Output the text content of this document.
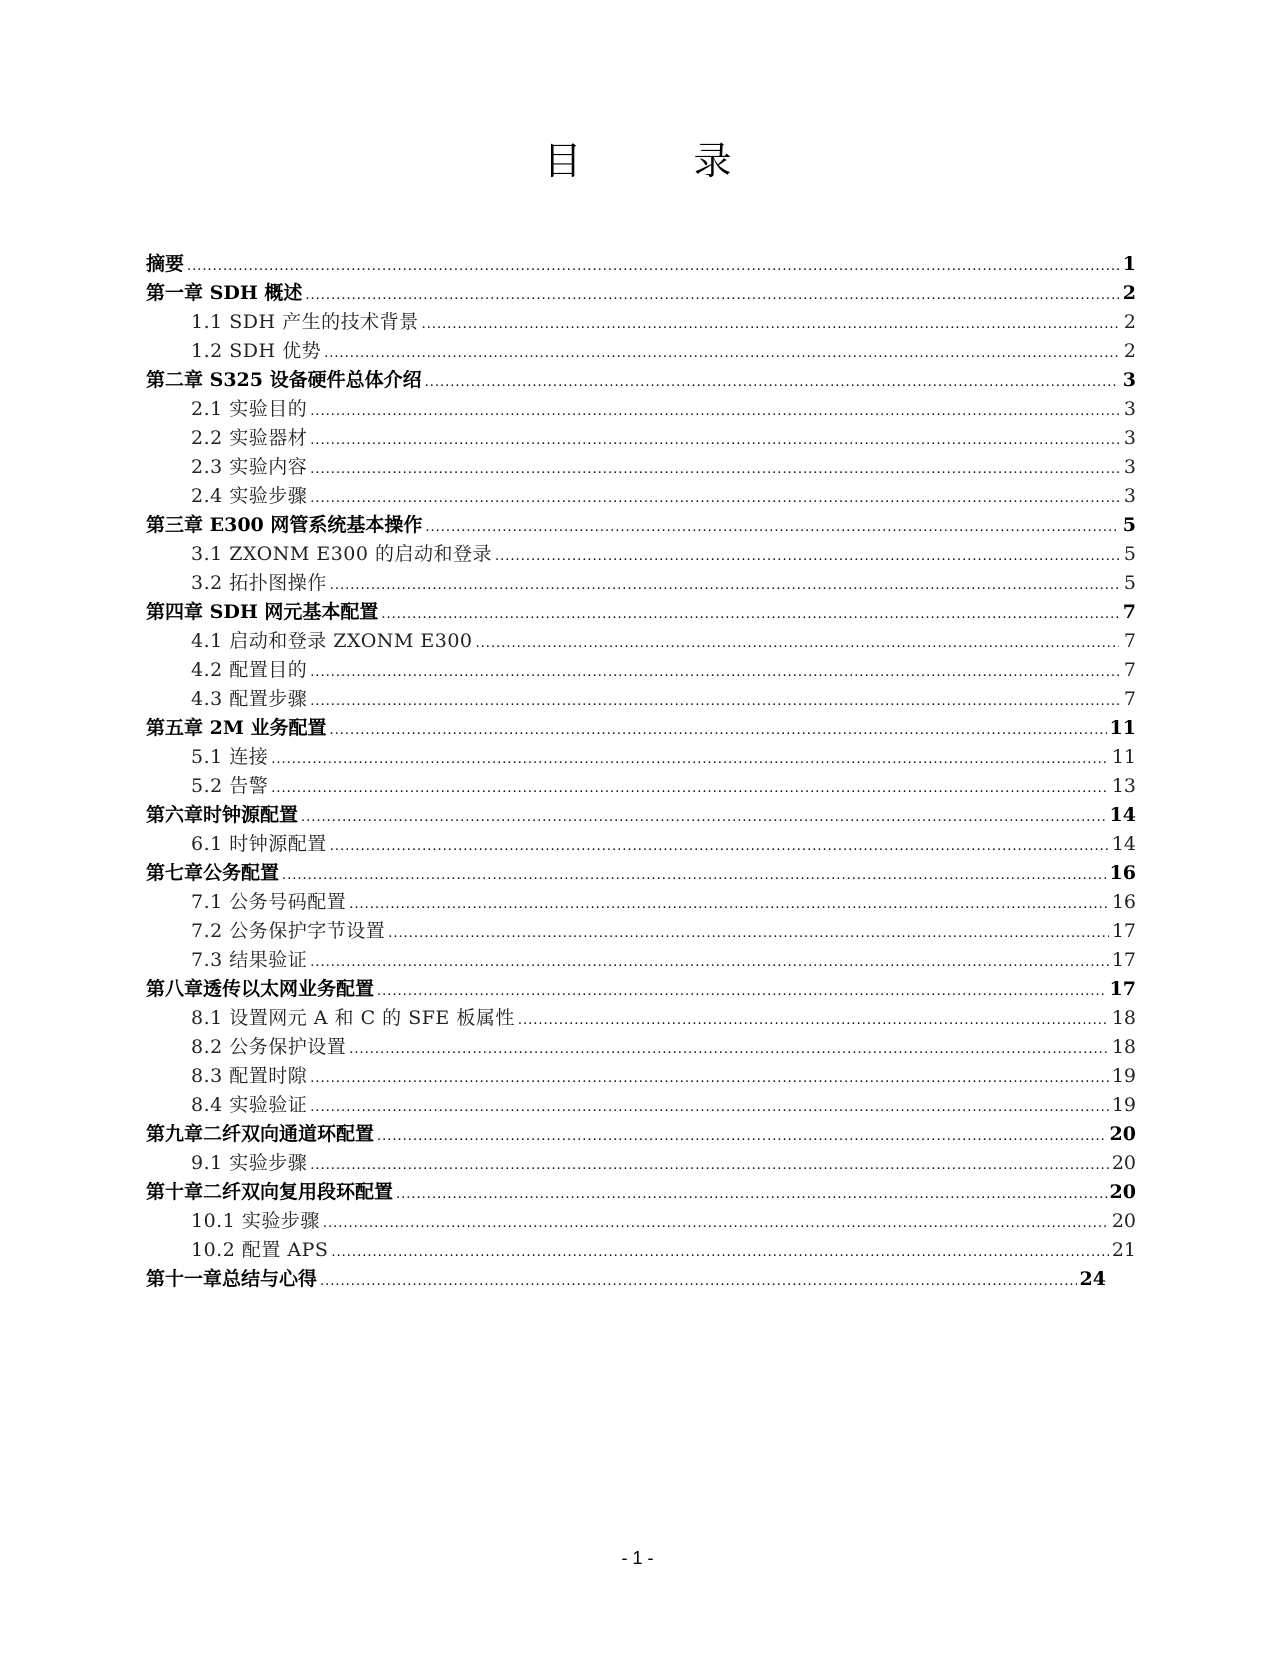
目 录
摘要 .....	1
第一章 SDH 概述 .....	2
1.1 SDH 产生的技术背景 .....	2
1.2 SDH 优势 .....	2
第二章 S325 设备硬件总体介绍 .....	3
2.1 实验目的 .....	3
2.2 实验器材 .....	3
2.3 实验内容 .....	3
2.4 实验步骤 .....	3
第三章 E300 网管系统基本操作 .....	5
3.1 ZXONM E300 的启动和登录 .....	5
3.2 拓扑图操作 .....	5
第四章 SDH 网元基本配置 .....	7
4.1 启动和登录 ZXONM E300 .....	7
4.2 配置目的 .....	7
4.3 配置步骤 .....	7
第五章 2M 业务配置 .....	11
5.1 连接 .....	11
5.2 告警 .....	13
第六章时钟源配置 .....	14
6.1 时钟源配置 .....	14
第七章公务配置 .....	16
7.1 公务号码配置 .....	16
7.2 公务保护字节设置 .....	17
7.3 结果验证 .....	17
第八章透传以太网业务配置 .....	17
8.1 设置网元 A 和 C 的 SFE 板属性 .....	18
8.2 公务保护设置 .....	18
8.3 配置时隙 .....	19
8.4 实验验证 .....	19
第九章二纤双向通道环配置 .....	20
9.1 实验步骤 .....	20
第十章二纤双向复用段环配置 .....	20
10.1 实验步骤 .....	20
10.2 配置 APS .....	21
第十一章总结与心得 .....	24
- 1 -
